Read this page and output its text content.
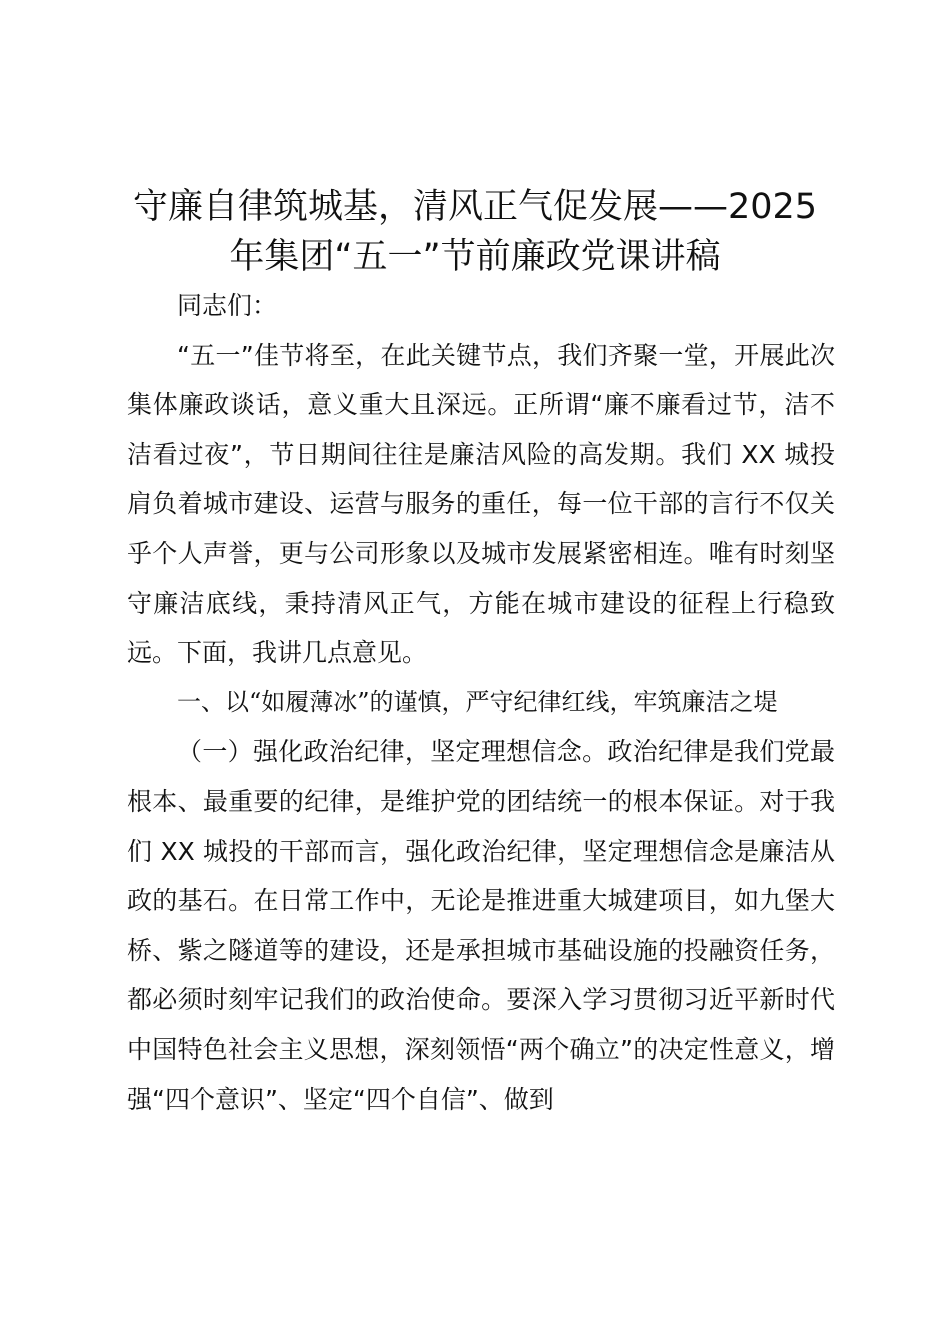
守廉自律筑城基，清风正气促发展——2025
年集团“五一”节前廉政党课讲稿

同志们：

“五一”佳节将至，在此关键节点，我们齐聚一堂，开展此次集体廉政谈话，意义重大且深远。正所谓“廉不廉看过节，洁不洁看过夜”，节日期间往往是廉洁风险的高发期。我们 XX 城投肩负着城市建设、运营与服务的重任，每一位干部的言行不仅关乎个人声誉，更与公司形象以及城市发展紧密相连。唯有时刻坚守廉洁底线，秉持清风正气，方能在城市建设的征程上行稳致远。下面，我讲几点意见。

一、以“如履薄冰”的谨慎，严守纪律红线，牢筑廉洁之堤

（一）强化政治纪律，坚定理想信念。政治纪律是我们党最根本、最重要的纪律，是维护党的团结统一的根本保证。对于我们 XX 城投的干部而言，强化政治纪律，坚定理想信念是廉洁从政的基石。在日常工作中，无论是推进重大城建项目，如九堡大桥、紫之隧道等的建设，还是承担城市基础设施的投融资任务，都必须时刻牢记我们的政治使命。要深入学习贯彻习近平新时代中国特色社会主义思想，深刻领悟“两个确立”的决定性意义，增强“四个意识”、坚定“四个自信”、做到
